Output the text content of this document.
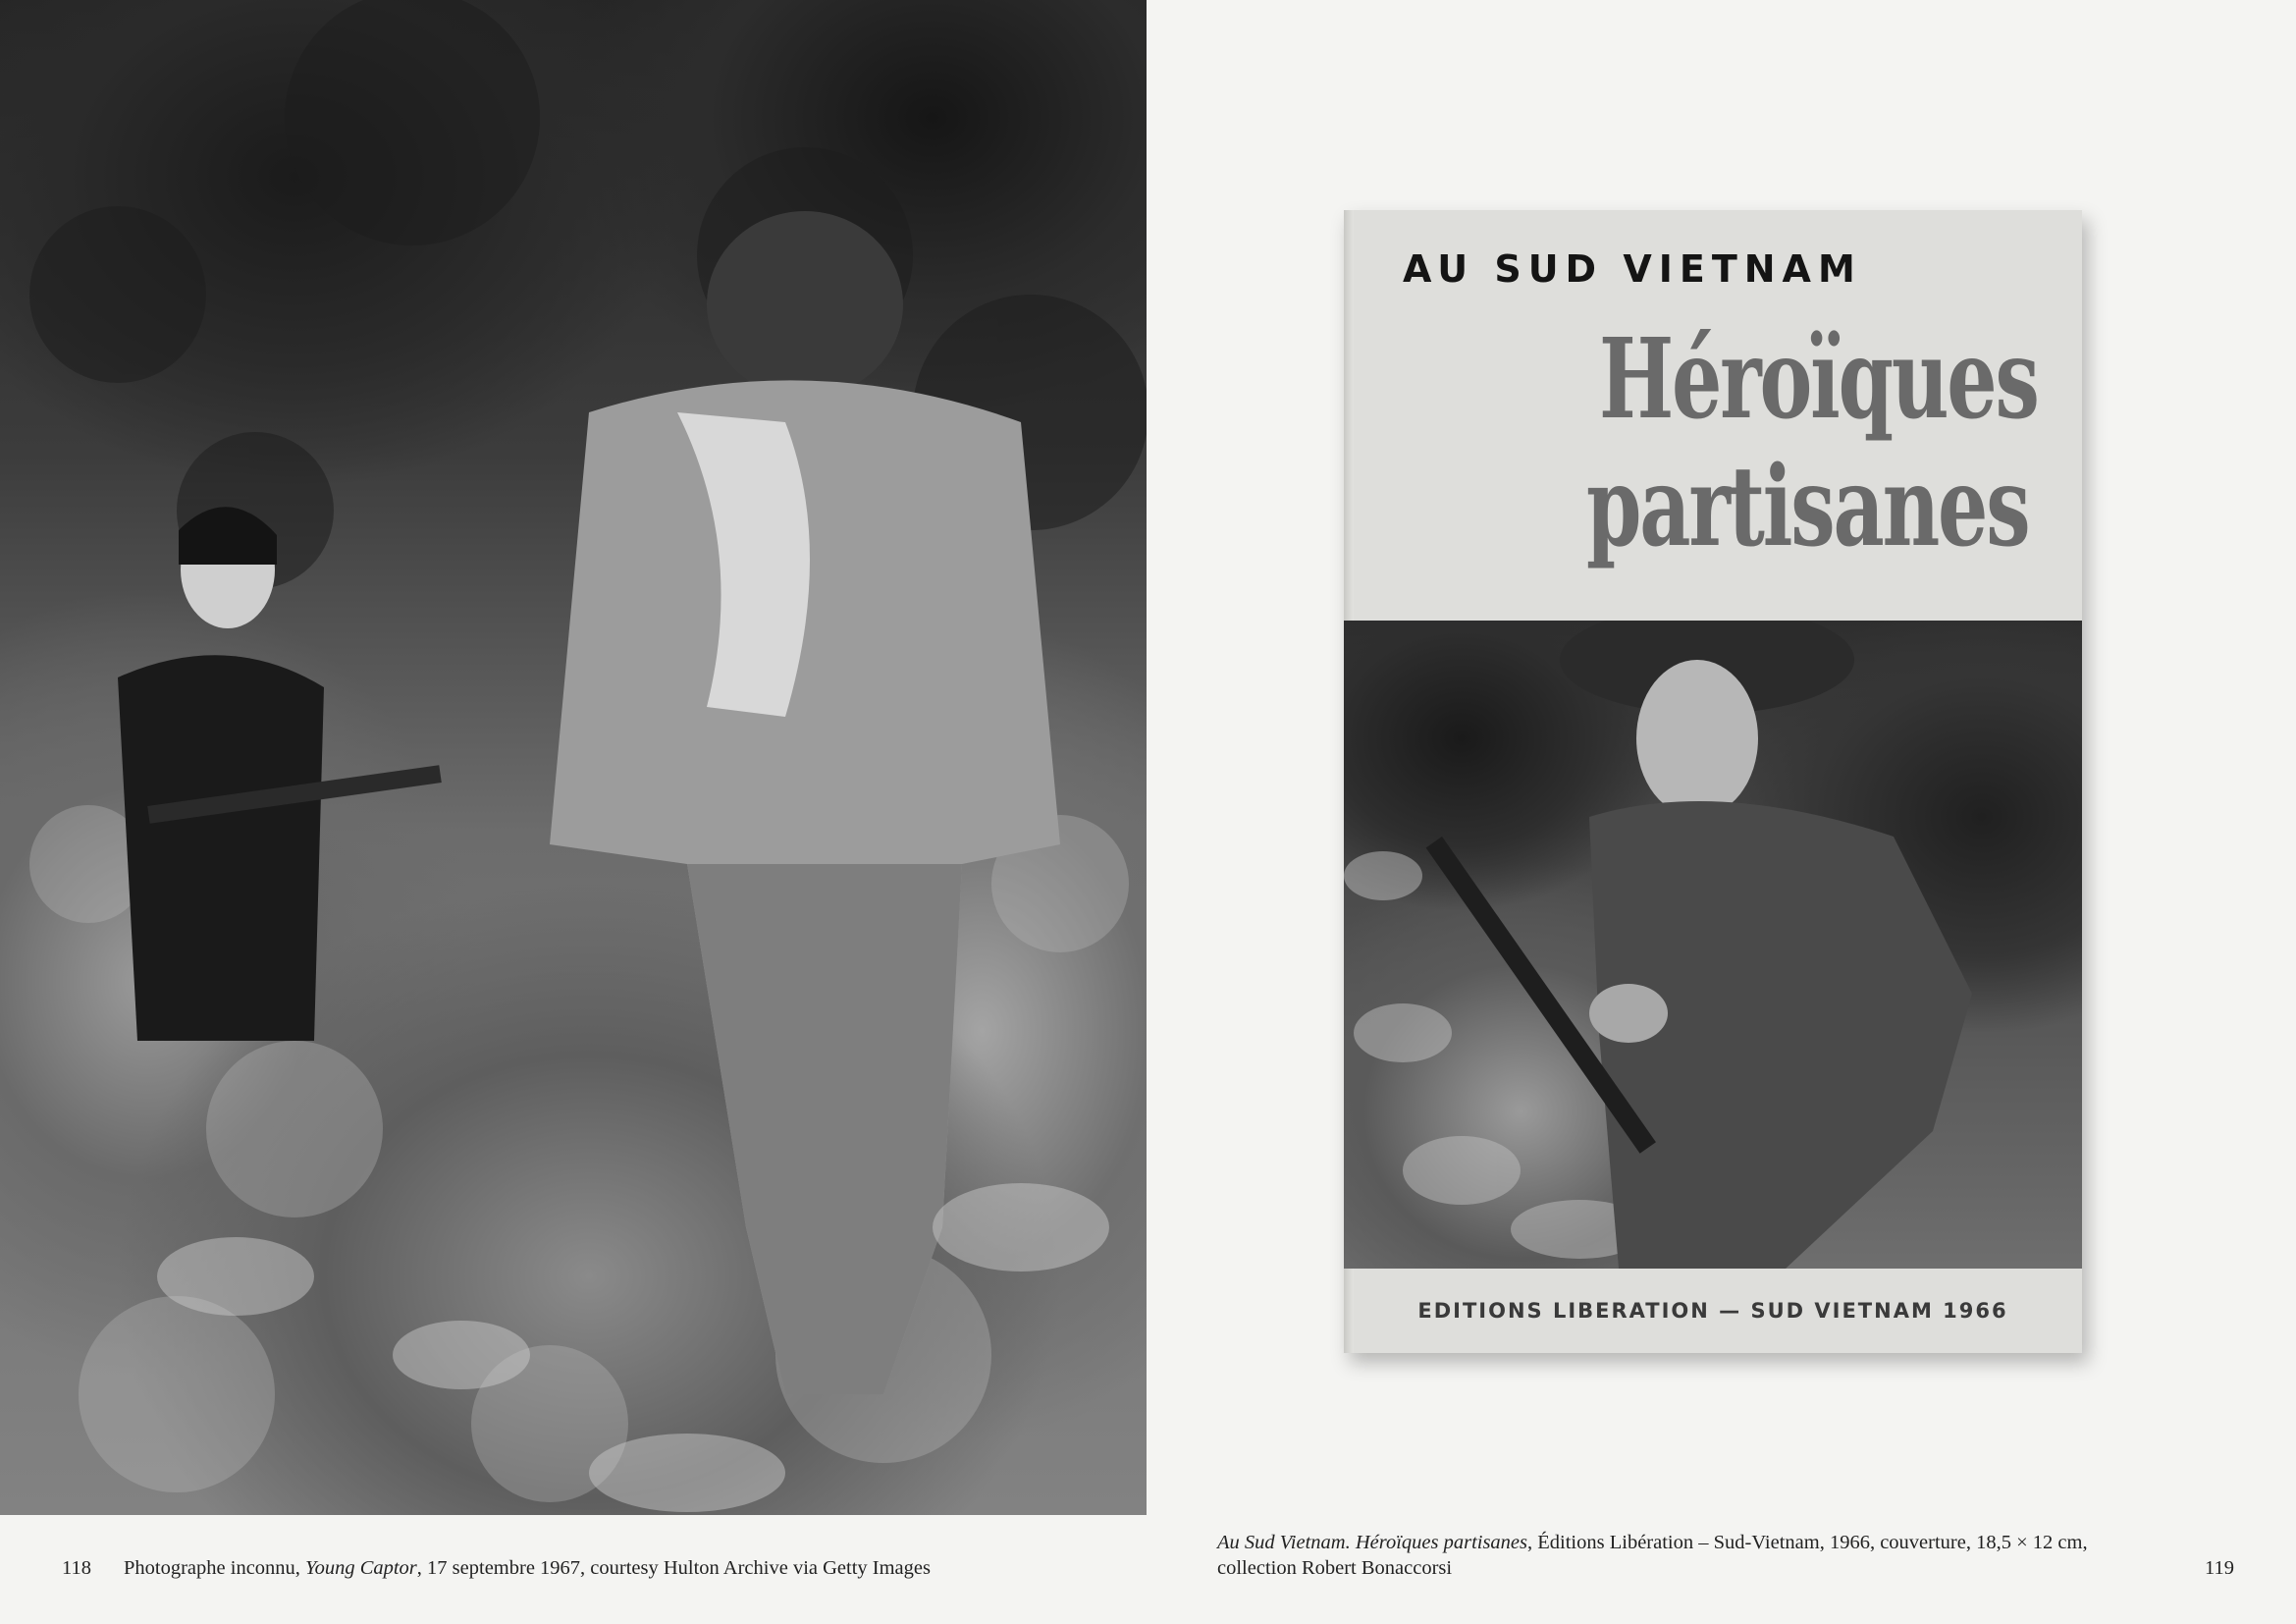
AU SUD VIETNAM
Héroïques
partisanes
EDITIONS LIBERATION — SUD VIETNAM 1966
118 Photographe inconnu, Young Captor, 17 septembre 1967, courtesy Hulton Archive via Getty Images
Au Sud Vietnam. Héroïques partisanes, Éditions Libération – Sud-Vietnam, 1966, couverture, 18,5 × 12 cm,
collection Robert Bonaccorsi	119
